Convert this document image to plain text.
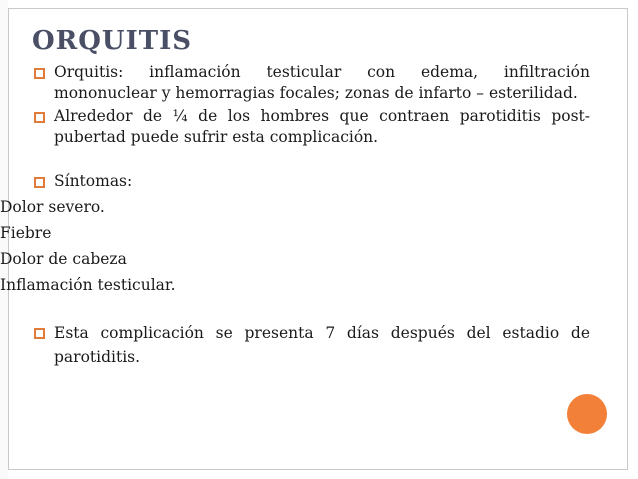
ORQUITIS
Orquitis: inflamación testicular con edema, infiltración mononuclear y hemorragias focales; zonas de infarto – esterilidad.
Alrededor de ¼ de los hombres que contraen parotiditis post-pubertad puede sufrir esta complicación.
Síntomas:
Dolor severo.
Fiebre
Dolor de cabeza
Inflamación testicular.
Esta complicación se presenta 7 días después del estadio de parotiditis.
